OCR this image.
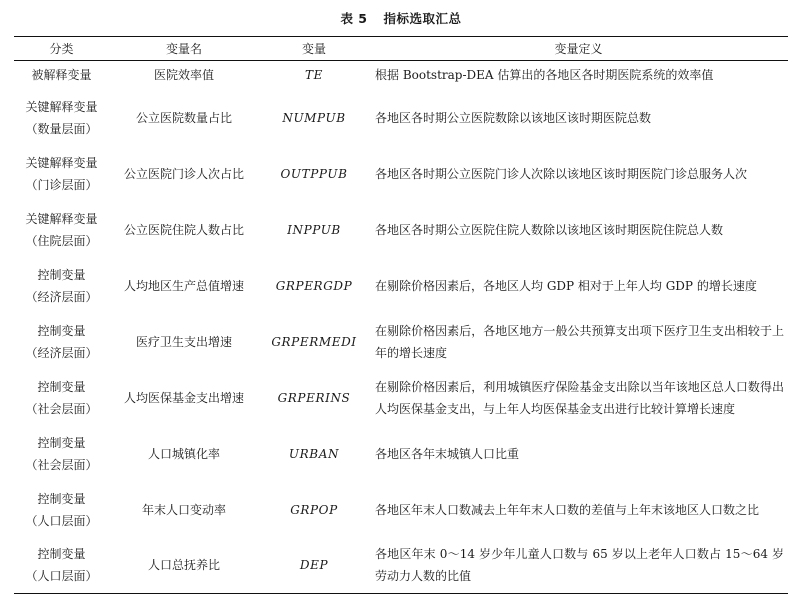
表 5 指标选取汇总
分类	变量名	变量	变量定义

被解释变量	医院效率值	TE	根据 Bootstrap-DEA 估算出的各地区各时期医院系统的效率值

关键解释变量
（数量层面）	公立医院数量占比	NUMPUB	各地区各时期公立医院数除以该地区该时期医院总数

关键解释变量
（门诊层面）	公立医院门诊人次占比	OUTPPUB	各地区各时期公立医院门诊人次除以该地区该时期医院门诊总服务人次

关键解释变量
（住院层面）	公立医院住院人数占比	INPPUB	各地区各时期公立医院住院人数除以该地区该时期医院住院总人数

控制变量
（经济层面）	人均地区生产总值增速	GRPERGDP	在剔除价格因素后，各地区人均 GDP 相对于上年人均 GDP 的增长速度

控制变量
（经济层面）	医疗卫生支出增速	GRPERMEDI	在剔除价格因素后，各地区地方一般公共预算支出项下医疗卫生支出相较于上年的增长速度

控制变量
（社会层面）	人均医保基金支出增速	GRPERINS	在剔除价格因素后，利用城镇医疗保险基金支出除以当年该地区总人口数得出人均医保基金支出，与上年人均医保基金支出进行比较计算增长速度

控制变量
（社会层面）	人口城镇化率	URBAN	各地区各年末城镇人口比重

控制变量
（人口层面）	年末人口变动率	GRPOP	各地区年末人口数减去上年年末人口数的差值与上年末该地区人口数之比

控制变量
（人口层面）	人口总抚养比	DEP	各地区年末 0～14 岁少年儿童人口数与 65 岁以上老年人口数占 15～64 岁劳动力人数的比值
